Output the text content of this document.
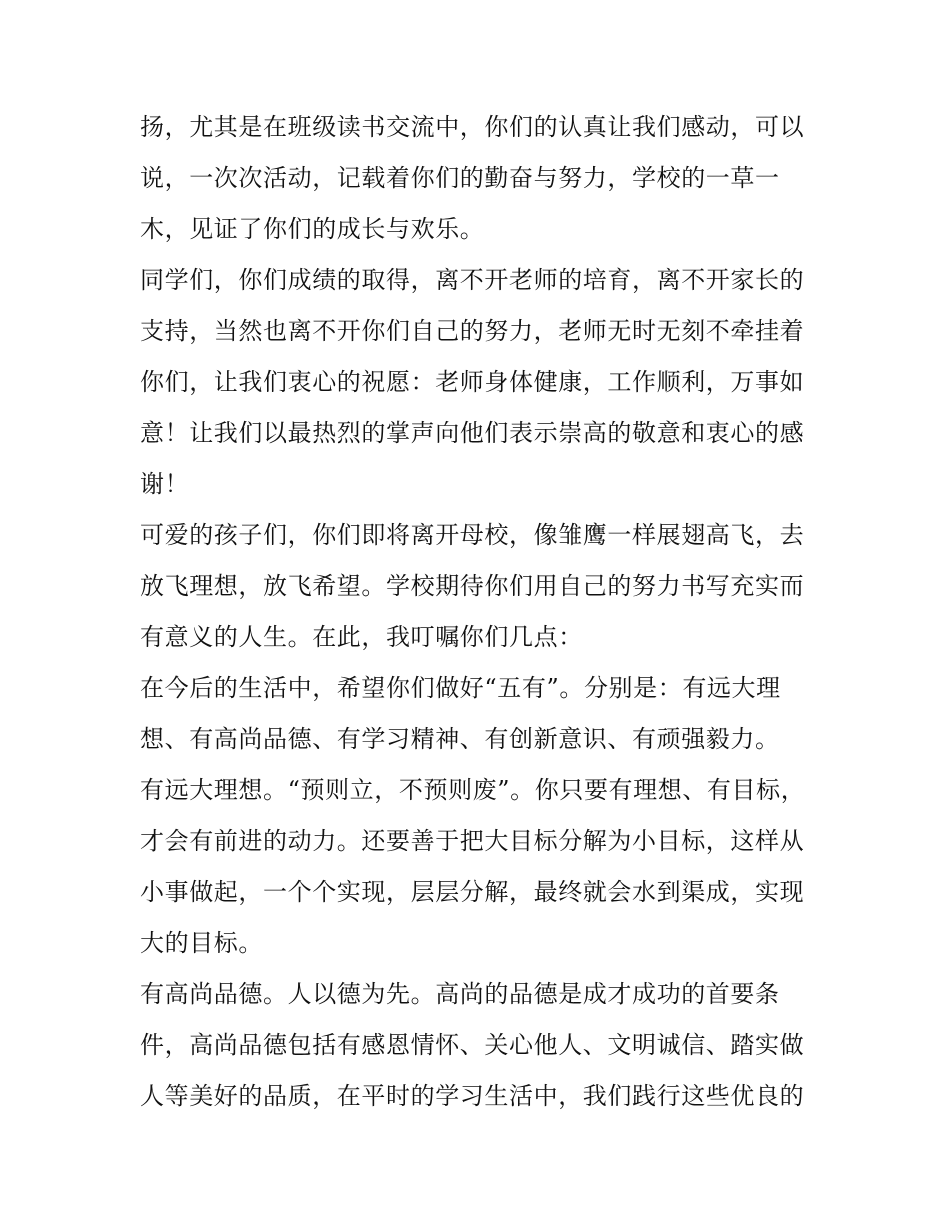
扬，尤其是在班级读书交流中，你们的认真让我们感动，可以
说，一次次活动，记载着你们的勤奋与努力，学校的一草一
木，见证了你们的成长与欢乐。
同学们，你们成绩的取得，离不开老师的培育，离不开家长的
支持，当然也离不开你们自己的努力，老师无时无刻不牵挂着
你们，让我们衷心的祝愿：老师身体健康，工作顺利，万事如
意！让我们以最热烈的掌声向他们表示崇高的敬意和衷心的感
谢！
可爱的孩子们，你们即将离开母校，像雏鹰一样展翅高飞，去
放飞理想，放飞希望。学校期待你们用自己的努力书写充实而
有意义的人生。在此，我叮嘱你们几点：
在今后的生活中，希望你们做好“五有”。分别是：有远大理
想、有高尚品德、有学习精神、有创新意识、有顽强毅力。
有远大理想。“预则立，不预则废”。你只要有理想、有目标，
才会有前进的动力。还要善于把大目标分解为小目标，这样从
小事做起，一个个实现，层层分解，最终就会水到渠成，实现
大的目标。
有高尚品德。人以德为先。高尚的品德是成才成功的首要条
件，高尚品德包括有感恩情怀、关心他人、文明诚信、踏实做
人等美好的品质，在平时的学习生活中，我们践行这些优良的
